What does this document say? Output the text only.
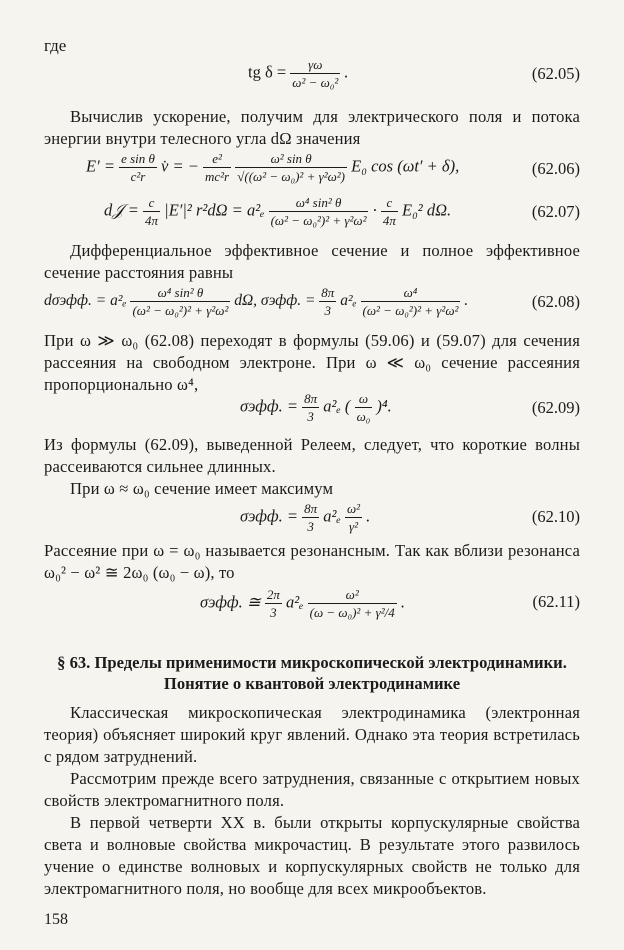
где
tg $\delta = \frac{\gamma\omega}{\text{ω² − ω₀²}}$ .	(62.05)
Вычислив ускорение, получим для электрического поля и потока энергии внутри телесного угла dΩ значения
$E' = \frac{\text{e sin θ}}{\text{c²r}}$ v̇ = − $\frac{\text{e²}}{\text{mc²r}}$
$\frac{\text{ω² sin θ}}{\text{√((ω² − ω₀)² + γ²ω²)}} E_0$ cos (ωt′ + δ),	(62.06)
d𝒥 = $\frac{c}{4\pi} |E'|^2$ $r^2d\Omega = a^2_e \frac{\text{ω⁴ sin² θ}}{\text{(ω² − ω₀²)² + γ²ω²}} \cdot \frac{c}{4\pi} E_0^2$ dΩ.	(62.07)
Дифференциальное эффективное сечение и полное эффективное сечение расстояния равны
dσэфф. = $a^2_e \frac{\text{ω⁴ sin² θ}}{\text{(ω² − ω₀²)² + γ²ω²}} d\Omega$, σэфф. = $\frac{8\pi}{3} a^2_e \frac{\text{ω⁴}}{\text{(ω² − ω₀²)² + γ²ω²}}$ .	(62.08)
При ω ≫ ω₀ (62.08) переходят в формулы (59.06) и (59.07) для сечения рассеяния на свободном электроне. При ω ≪ ω₀ сечение рассеяния пропорционально ω⁴,
σэфф. = $\frac{8\pi}{3} a^2_e$ ( $\frac{\omega}{\text{ω₀}} )^4$.	(62.09)
Из формулы (62.09), выведенной Релеем, следует, что короткие волны рассеиваются сильнее длинных.
При ω ≈ ω₀ сечение имеет максимум
σэфф. = $\frac{8\pi}{3} a^2_e \frac{\text{ω²}}{\text{γ²}}$ .	(62.10)
Рассеяние при ω = ω₀ называется резонансным. Так как вблизи резонанса ω₀² − ω² ≅ 2ω₀ (ω₀ − ω), то
σэфф. ≅ $\frac{2\pi}{3} a^2_e \frac{\text{ω²}}{\text{(ω − ω₀)² + γ²/4}}$ .	(62.11)
§ 63. Пределы применимости микроскопической электродинамики. Понятие о квантовой электродинамике
Классическая микроскопическая электродинамика (электронная теория) объясняет широкий круг явлений. Однако эта теория встретилась с рядом затруднений.
Рассмотрим прежде всего затруднения, связанные с открытием новых свойств электромагнитного поля.
В первой четверти XX в. были открыты корпускулярные свойства света и волновые свойства микрочастиц. В результате этого развилось учение о единстве волновых и корпускулярных свойств не только для электромагнитного поля, но вообще для всех микрообъектов.
158
